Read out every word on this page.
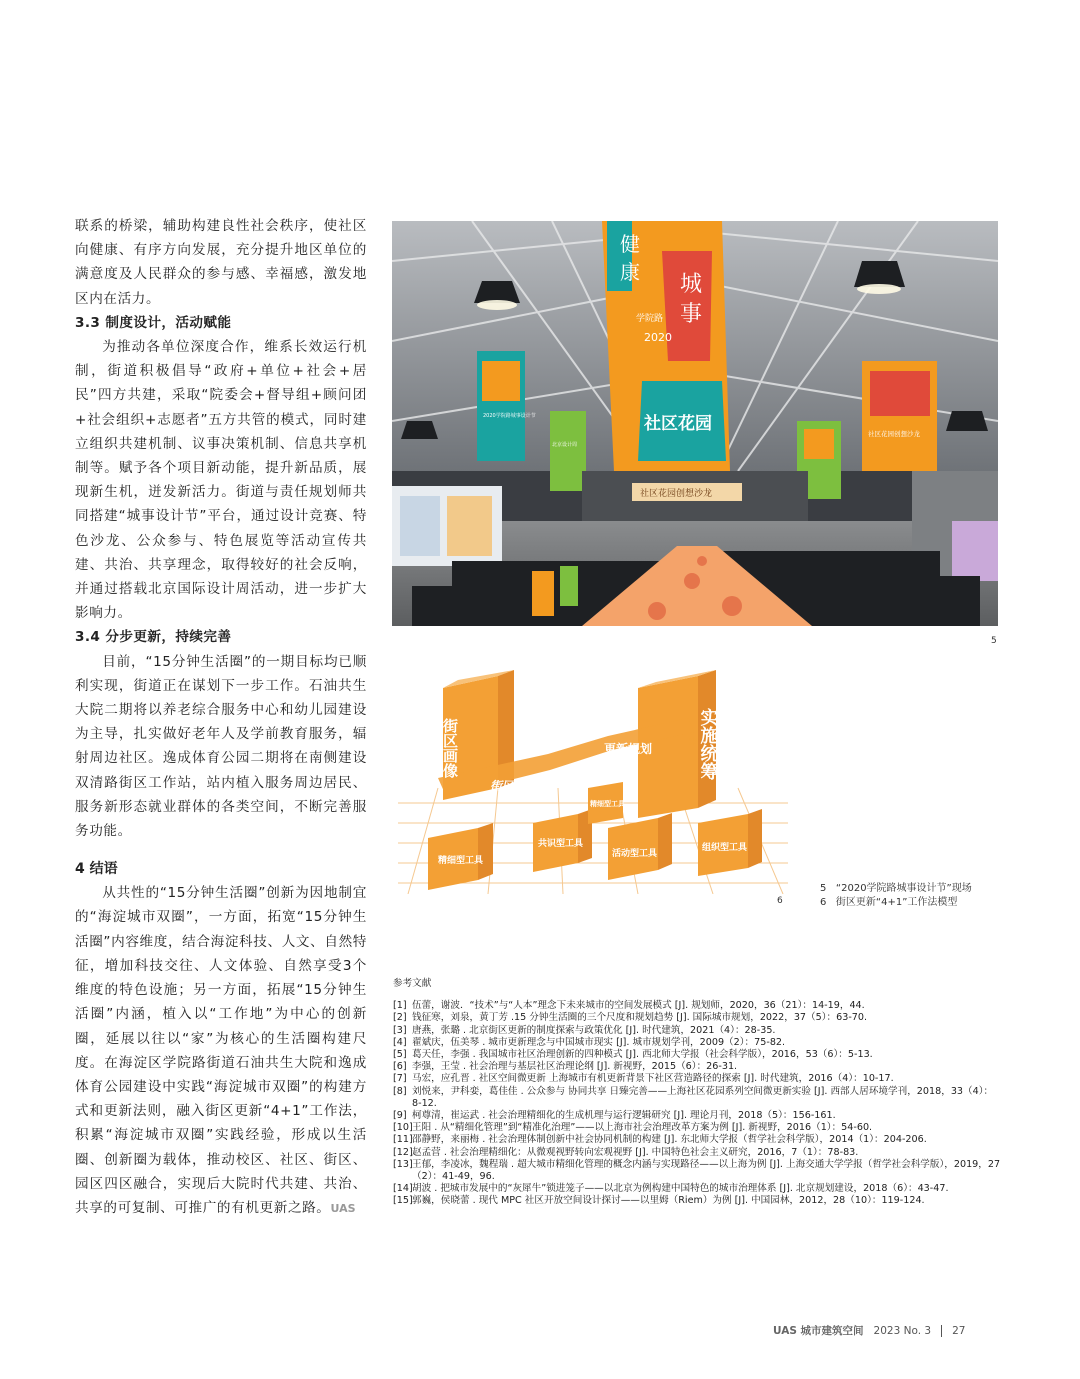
联系的桥梁，辅助构建良性社会秩序，使社区向健康、有序方向发展，充分提升地区单位的满意度及人民群众的参与感、幸福感，激发地区内在活力。

3.3 制度设计，活动赋能

为推动各单位深度合作，维系长效运行机制，街道积极倡导“政府+单位+社会+居民”四方共建，采取“院委会+督导组+顾问团+社会组织+志愿者”五方共管的模式，同时建立组织共建机制、议事决策机制、信息共享机制等。赋予各个项目新动能，提升新品质，展现新生机，迸发新活力。街道与责任规划师共同搭建“城事设计节”平台，通过设计竞赛、特色沙龙、公众参与、特色展览等活动宣传共建、共治、共享理念，取得较好的社会反响，并通过搭载北京国际设计周活动，进一步扩大影响力。

3.4 分步更新，持续完善

目前，“15分钟生活圈”的一期目标均已顺利实现，街道正在谋划下一步工作。石油共生大院二期将以养老综合服务中心和幼儿园建设为主导，扎实做好老年人及学前教育服务，辐射周边社区。逸成体育公园二期将在南侧建设双清路街区工作站，站内植入服务周边居民、服务新形态就业群体的各类空间，不断完善服务功能。

4 结语

从共性的“15分钟生活圈”创新为因地制宜的“海淀城市双圈”，一方面，拓宽“15分钟生活圈”内容维度，结合海淀科技、人文、自然特征，增加科技交往、人文体验、自然享受3个维度的特色设施；另一方面，拓展“15分钟生活圈”内涵，植入以“工作地”为中心的创新圈，延展以往以“家”为核心的生活圈构建尺度。在海淀区学院路街道石油共生大院和逸成体育公园建设中实践“海淀城市双圈”的构建方式和更新法则，融入街区更新“4+1”工作法，积累“海淀城市双圈”实践经验，形成以生活圈、创新圈为载体，推动校区、社区、街区、园区四区融合，实现后大院时代共建、共治、共享的可复制、可推广的有机更新之路。UAS

健
康 城
事
2020
学院路
社区花园
2020学院路城事设计节
北京设计周
社区花园创想沙龙
社区花园创想沙龙
5
街区画像	实施统筹
街区评估
更新规划 »
精细型工具
共识型工具
活动型工具
组织型工具
精细型工具
6
5 “2020学院路城事设计节”现场
6 街区更新“4+1”工作法模型
参考文献
[1] 伍蕾，谢波．“技术”与“人本”理念下未来城市的空间发展模式 [J]. 规划师，2020，36（21）：14-19，44.
[2] 钱征寒，刘泉，黄丁芳 .15 分钟生活圈的三个尺度和规划趋势 [J]. 国际城市规划，2022，37（5）：63-70.
[3] 唐燕，张璐 . 北京街区更新的制度探索与政策优化 [J]. 时代建筑，2021（4）：28-35.
[4] 翟斌庆，伍美琴 . 城市更新理念与中国城市现实 [J]. 城市规划学刊，2009（2）：75-82.
[5] 葛天任，李强 . 我国城市社区治理创新的四种模式 [J]. 西北师大学报（社会科学版），2016，53（6）：5-13.
[6] 李强，王莹 . 社会治理与基层社区治理论纲 [J]. 新视野，2015（6）：26-31.
[7] 马宏，应孔晋 . 社区空间微更新 上海城市有机更新背景下社区营造路径的探索 [J]. 时代建筑，2016（4）：10-17.
[8] 刘悦来，尹科娈，葛佳佳 . 公众参与 协同共享 日臻完善——上海社区花园系列空间微更新实验 [J]. 西部人居环境学刊，2018，33（4）：8-12.
[9] 柯尊清，崔运武 . 社会治理精细化的生成机理与运行逻辑研究 [J]. 理论月刊，2018（5）：156-161.
[10] 王阳 . 从“精细化管理”到“精准化治理”——以上海市社会治理改革方案为例 [J]. 新视野，2016（1）：54-60.
[11] 邵静野，来丽梅 . 社会治理体制创新中社会协同机制的构建 [J]. 东北师大学报（哲学社会科学版），2014（1）：204-206.
[12] 赵孟营 . 社会治理精细化：从微观视野转向宏观视野 [J]. 中国特色社会主义研究，2016，7（1）：78-83.
[13] 王郁，李凌冰，魏程瑞 . 超大城市精细化管理的概念内涵与实现路径——以上海为例 [J]. 上海交通大学学报（哲学社会科学版），2019，27（2）：41-49，96.
[14] 胡波 . 把城市发展中的“灰犀牛”锁进笼子——以北京为例构建中国特色的城市治理体系 [J]. 北京规划建设，2018（6）：43-47.
[15] 郭巍，侯晓蕾 . 现代 MPC 社区开放空间设计探讨——以里姆（Riem）为例 [J]. 中国园林，2012，28（10）：119-124.
UAS 城市建筑空间 2023 No. 3 27
